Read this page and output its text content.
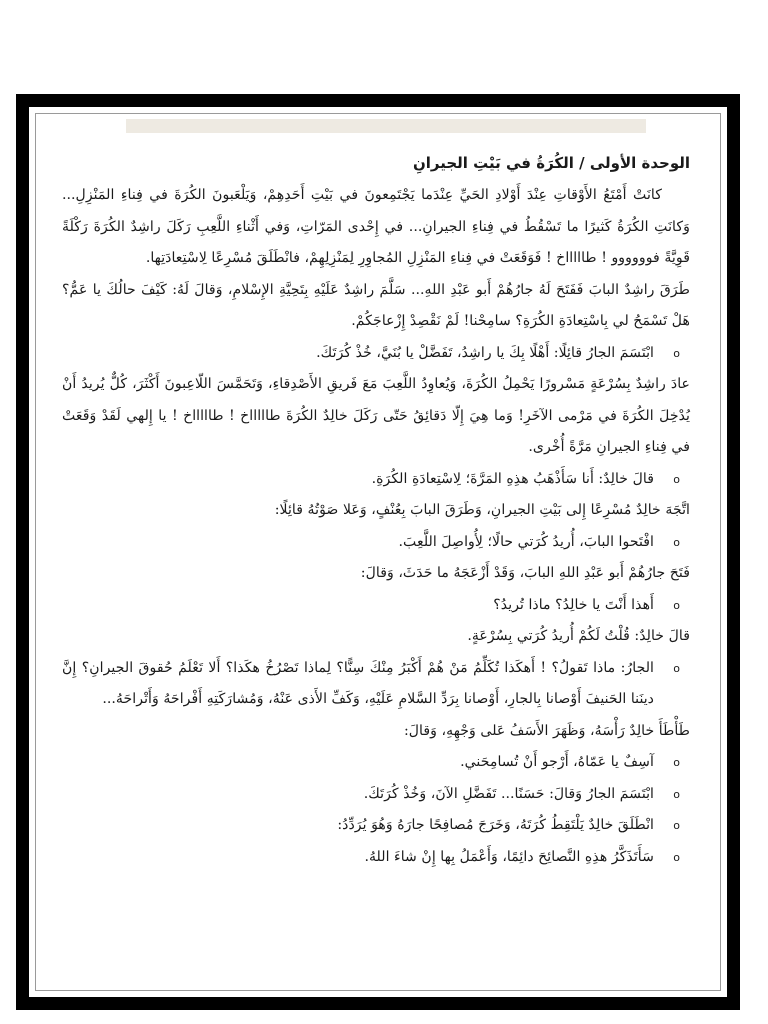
الوحدة الأولى / الكُرَةُ في بَيْتِ الجيرانِ

كانَتْ أَمْتَعُ الأَوْقاتِ عِنْدَ أَوْلادِ الحَيِّ عِنْدَما يَجْتَمِعونَ في بَيْتِ أَحَدِهِمْ، وَيَلْعَبونَ الكُرَةَ في فِناءِ المَنْزِلِ... وَكانَتِ الكُرَةُ كَثيرًا ما تَسْقُطُ في فِناءِ الجيرانِ... في إِحْدى المَرّاتِ، وَفي أَثْناءِ اللَّعِبِ رَكَلَ راشِدٌ الكُرَةَ رَكْلَةً قَوِيَّةً فوووووو ! طاااااخ ! فَوَقَعَتْ في فِناءِ المَنْزِلِ المُجاوِرِ لِمَنْزِلِهِمْ، فانْطَلَقَ مُسْرِعًا لِاسْتِعادَتِها.

طَرَقَ راشِدٌ البابَ فَفَتَحَ لَهُ جارُهُمْ أَبو عَبْدِ اللهِ... سَلَّمَ راشِدٌ عَلَيْهِ بِتَحِيَّةِ الإِسْلامِ، وَقالَ لَهُ: كَيْفَ حالُكَ يا عَمُّ؟ هَلْ تَسْمَحُ لي بِاسْتِعادَةِ الكُرَةِ؟ سامِحْنا! لَمْ نَقْصِدْ إِزْعاجَكُمْ.

o
ابْتَسَمَ الجارُ قائِلًا: أَهْلًا بِكَ يا راشِدُ، تَفَضَّلْ يا بُنَيَّ، خُذْ كُرَتَكَ.

عادَ راشِدٌ بِسُرْعَةٍ مَسْرورًا يَحْمِلُ الكُرَةَ، وَيُعاوِدُ اللَّعِبَ مَعَ فَريقِ الأَصْدِقاءِ، وَتَحَمَّسَ اللّاعِبونَ أَكْثَرَ، كُلٌّ يُريدُ أَنْ يُدْخِلَ الكُرَةَ في مَرْمى الآخَرِ! وَما هِيَ إِلّا دَقائِقُ حَتّى رَكَلَ خالِدٌ الكُرَةَ طاااااخ ! طاااااخ ! يا إِلهي لَقَدْ وَقَعَتْ في فِناءِ الجيرانِ مَرَّةً أُخْرى.

o
قالَ خالِدٌ: أَنا سَأَذْهَبُ هذِهِ المَرَّةَ؛ لِاسْتِعادَةِ الكُرَةِ.

اتَّجَهَ خالِدٌ مُسْرِعًا إِلى بَيْتِ الجيرانِ، وَطَرَقَ البابَ بِعُنْفٍ، وَعَلا صَوْتُهُ قائِلًا:

o
افْتَحوا البابَ، أُريدُ كُرَتي حالًا؛ لِأُواصِلَ اللَّعِبَ.

فَتَحَ جارُهُمْ أَبو عَبْدِ اللهِ البابَ، وَقَدْ أَزْعَجَهُ ما حَدَثَ، وَقالَ:

o
أَهذا أَنْتَ يا خالِدُ؟ ماذا تُريدُ؟

قالَ خالِدٌ: قُلْتُ لَكُمْ أُريدُ كُرَتي بِسُرْعَةٍ.

o
الجارُ: ماذا تَقولُ؟ ! أَهكَذا تُكَلِّمُ مَنْ هُمْ أَكْبَرُ مِنْكَ سِنًّا؟ لِماذا تَصْرُخُ هكَذا؟ أَلا تَعْلَمُ حُقوقَ الجيرانِ؟ إِنَّ دينَنا الحَنيفَ أَوْصانا بِالجارِ، أَوْصانا بِرَدِّ السَّلامِ عَلَيْهِ، وَكَفِّ الأَذى عَنْهُ، وَمُشارَكَتِهِ أَفْراحَهُ وَأَتْراحَهُ...

طَأْطَأَ خالِدٌ رَأْسَهُ، وَظَهَرَ الأَسَفُ عَلى وَجْهِهِ، وَقالَ:

o
آسِفٌ يا عَمّاهُ، أَرْجو أَنْ تُسامِحَني.

o
ابْتَسَمَ الجارُ وَقالَ: حَسَنًا... تَفَضَّلِ الآنَ، وَخُذْ كُرَتَكَ.

o
انْطَلَقَ خالِدٌ يَلْتَقِطُ كُرَتَهُ، وَخَرَجَ مُصافِحًا جارَهُ وَهُوَ يُرَدِّدُ:

o
سَأَتَذَكَّرُ هذِهِ النَّصائِحَ دائِمًا، وَأَعْمَلُ بِها إِنْ شاءَ اللهُ.
